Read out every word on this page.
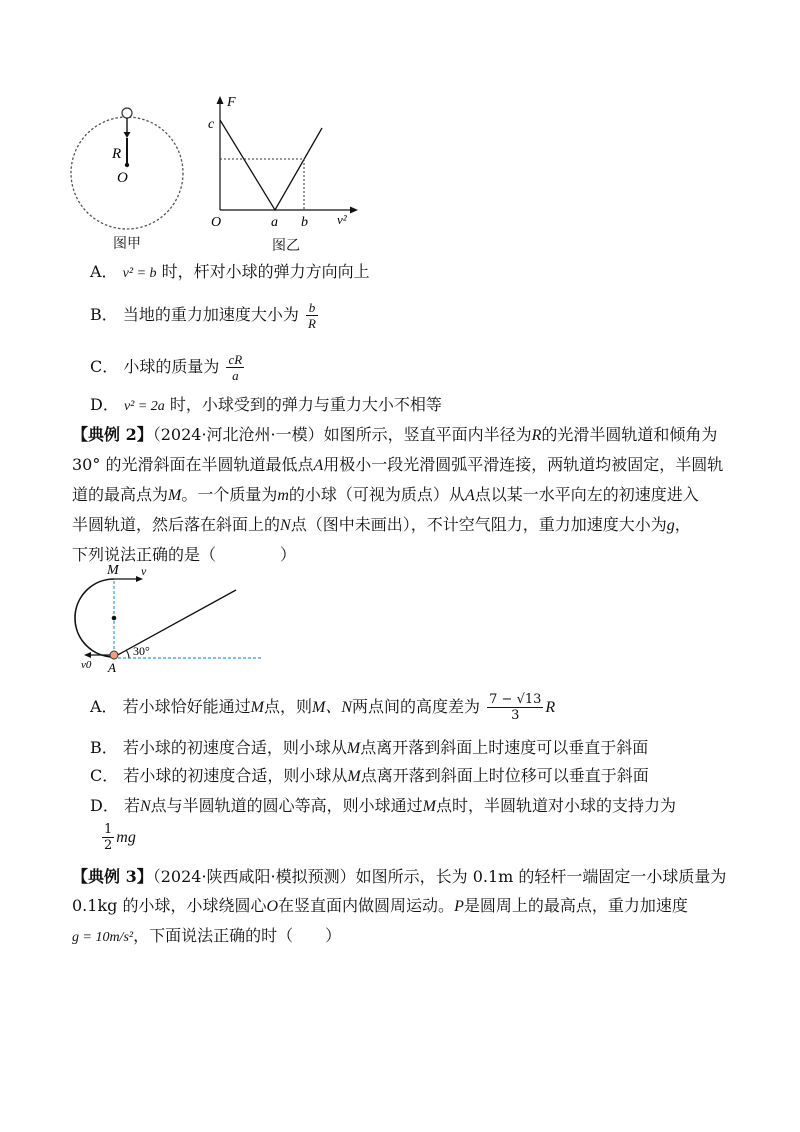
R
O
图甲
F
c
O	a b v²
图乙
A． v² = b 时，杆对小球的弹力方向向上
B． 当地的重力加速度大小为 $\frac{b}{R}$
C． 小球的质量为 $\frac{cR}{a}$
D． v² = 2a 时，小球受到的弹力与重力大小不相等
【典例 2】（2024·河北沧州·一模）如图所示，竖直平面内半径为R的光滑半圆轨道和倾角为
30° 的光滑斜面在半圆轨道最低点A用极小一段光滑圆弧平滑连接，两轨道均被固定，半圆轨
道的最高点为M。一个质量为m的小球（可视为质点）从A点以某一水平向左的初速度进入
半圆轨道，然后落在斜面上的N点（图中未画出），不计空气阻力，重力加速度大小为g，
下列说法正确的是（　　　　）
M v
A
v0
30°
A． 若小球恰好能通过M点，则M、N两点间的高度差为 $\frac{7 - √13}{3}$ R
B． 若小球的初速度合适，则小球从M点离开落到斜面上时速度可以垂直于斜面
C． 若小球的初速度合适，则小球从M点离开落到斜面上时位移可以垂直于斜面
D． 若N点与半圆轨道的圆心等高，则小球通过M点时，半圆轨道对小球的支持力为
$\frac{1}{2}$ mg
【典例 3】（2024·陕西咸阳·模拟预测）如图所示，长为 0.1m 的轻杆一端固定一小球质量为
0.1kg 的小球，小球绕圆心O在竖直面内做圆周运动。P是圆周上的最高点，重力加速度
g = 10m/s²，下面说法正确的时（　　）
